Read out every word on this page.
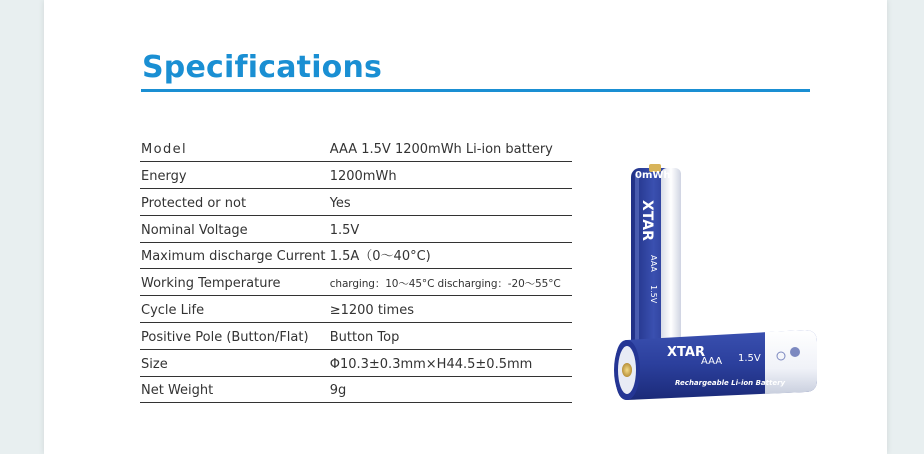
Specifications
Model	AAA 1.5V 1200mWh Li-ion battery
Energy	1200mWh
Protected or not	Yes
Nominal Voltage	1.5V
Maximum discharge Current	1.5A（0～40°C)
Working Temperature	charging：10～45°C discharging：-20～55°C
Cycle Life	≥1200 times
Positive Pole (Button/Flat)	Button Top
Size	Φ10.3±0.3mm×H44.5±0.5mm
Net Weight	9g
0mWh
XTAR
AAA
1.5V
XTAR
AAA 1.5V
Rechargeable Li-ion Battery
